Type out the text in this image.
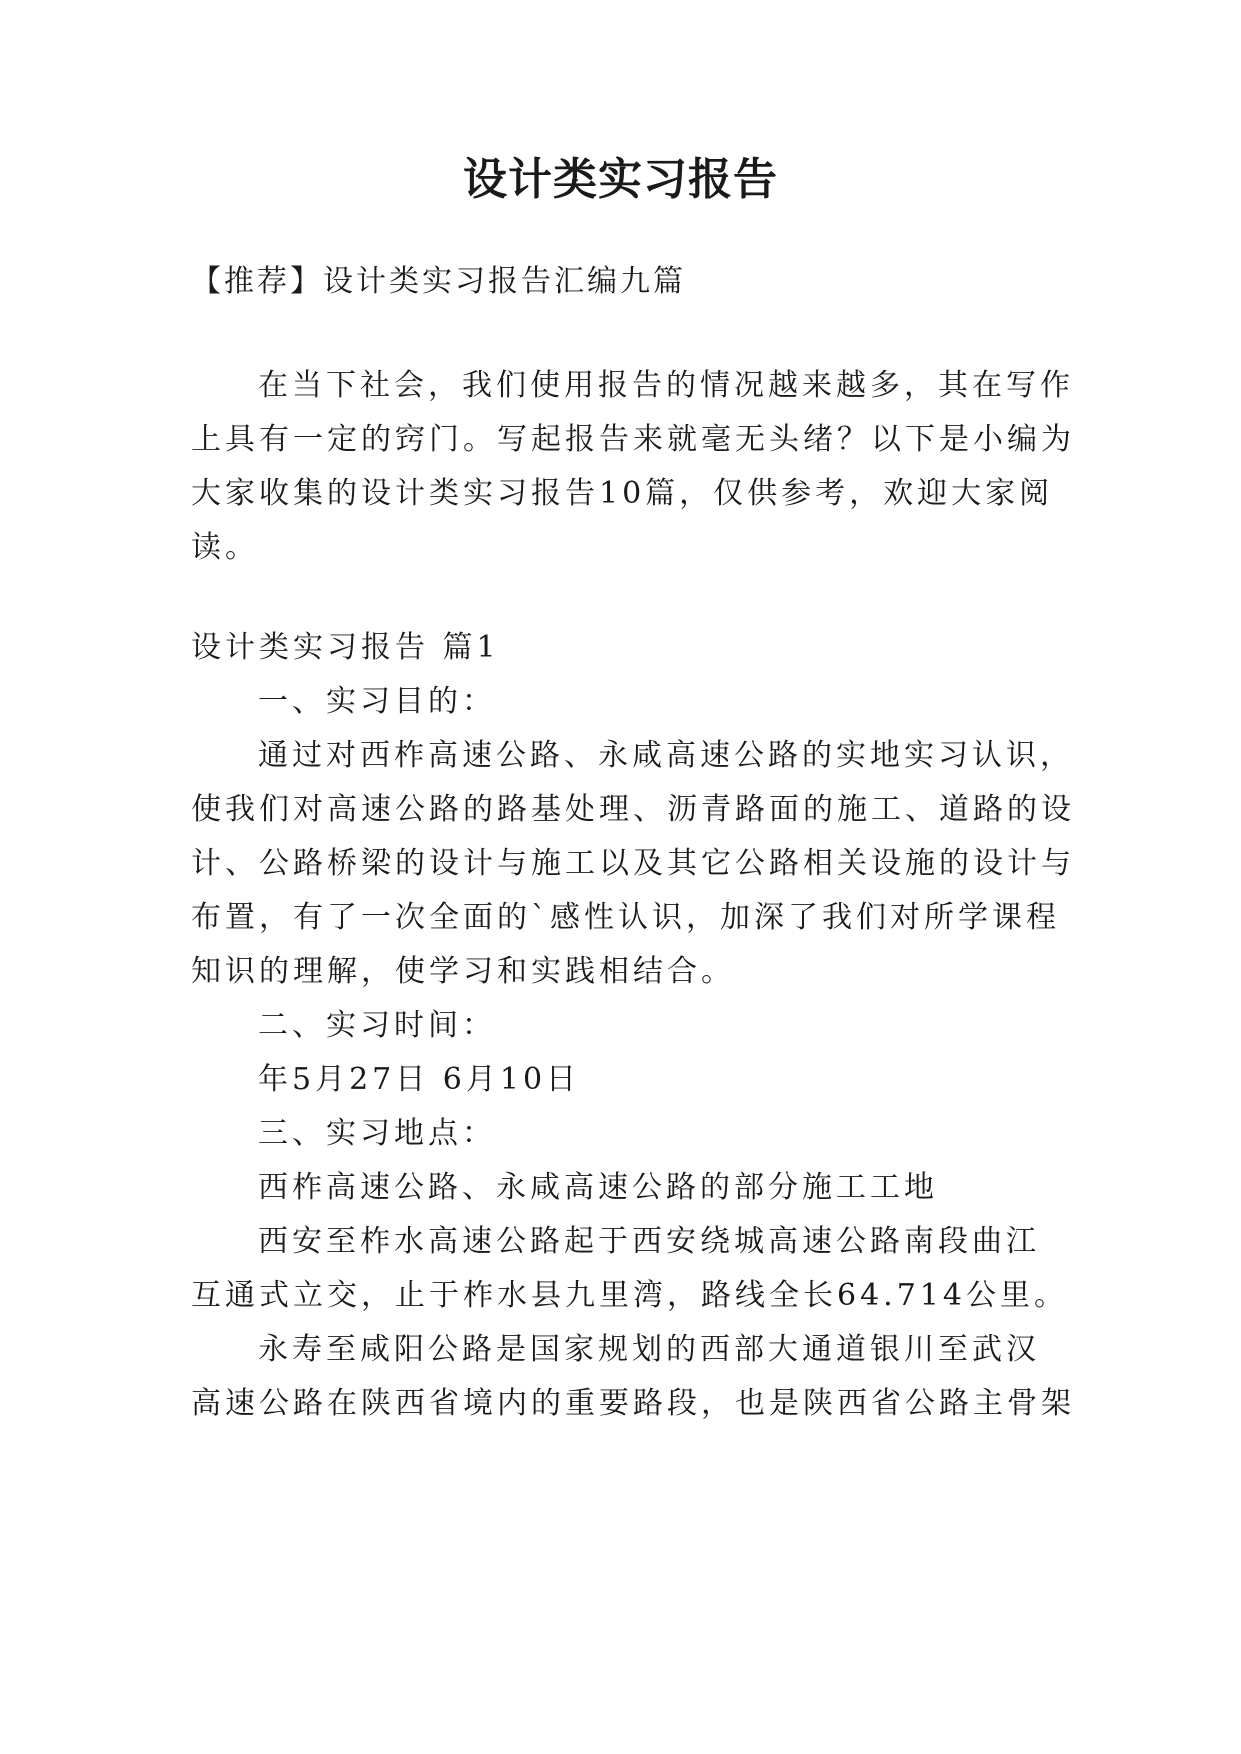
设计类实习报告
【推荐】设计类实习报告汇编九篇
在当下社会，我们使用报告的情况越来越多，其在写作
上具有一定的窍门。写起报告来就毫无头绪？以下是小编为
大家收集的设计类实习报告10篇，仅供参考，欢迎大家阅
读。
设计类实习报告 篇1
一、实习目的：
通过对西柞高速公路、永咸高速公路的实地实习认识，
使我们对高速公路的路基处理、沥青路面的施工、道路的设
计、公路桥梁的设计与施工以及其它公路相关设施的设计与
布置，有了一次全面的`感性认识，加深了我们对所学课程
知识的理解，使学习和实践相结合。
二、实习时间：
年5月27日 6月10日
三、实习地点：
西柞高速公路、永咸高速公路的部分施工工地
西安至柞水高速公路起于西安绕城高速公路南段曲江
互通式立交，止于柞水县九里湾，路线全长64.714公里。
永寿至咸阳公路是国家规划的西部大通道银川至武汉
高速公路在陕西省境内的重要路段，也是陕西省公路主骨架
